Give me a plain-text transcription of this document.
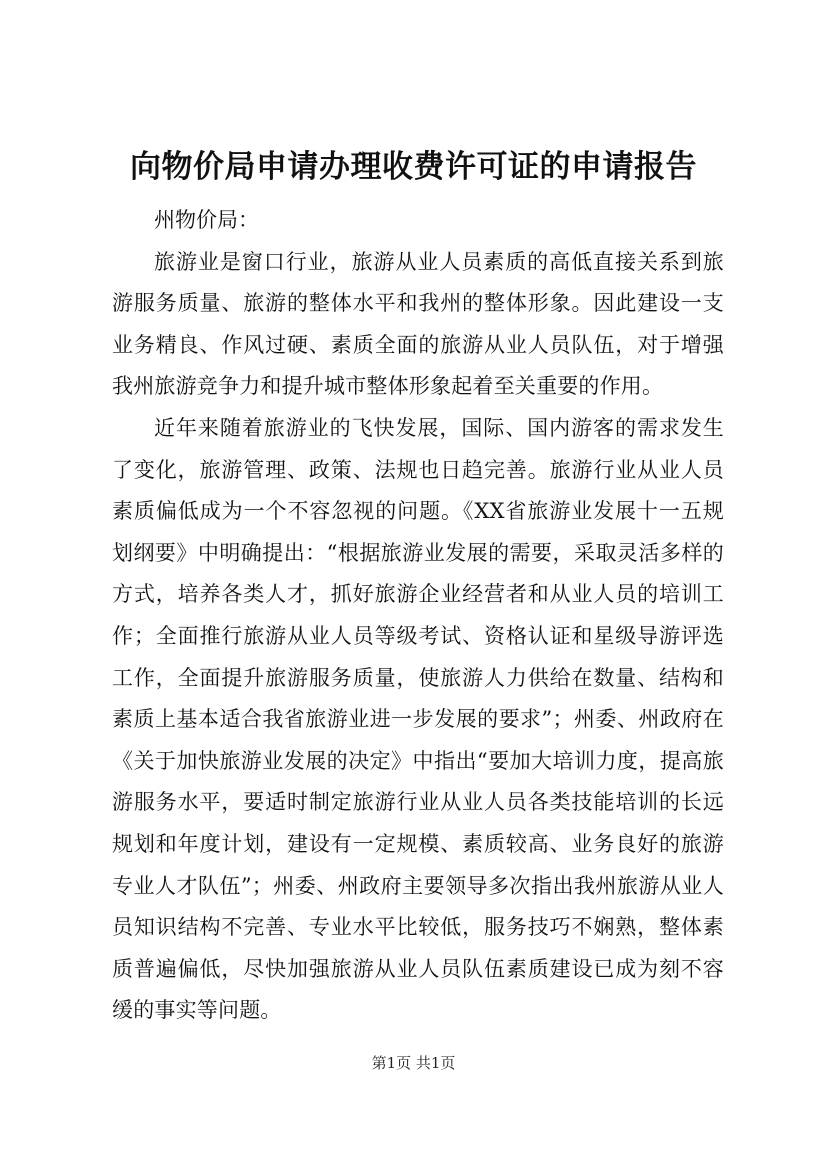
向物价局申请办理收费许可证的申请报告

州物价局：

旅游业是窗口行业，旅游从业人员素质的高低直接关系到旅游服务质量、旅游的整体水平和我州的整体形象。因此建设一支业务精良、作风过硬、素质全面的旅游从业人员队伍，对于增强我州旅游竞争力和提升城市整体形象起着至关重要的作用。

近年来随着旅游业的飞快发展，国际、国内游客的需求发生了变化，旅游管理、政策、法规也日趋完善。旅游行业从业人员素质偏低成为一个不容忽视的问题。《XX省旅游业发展十一五规划纲要》中明确提出：“根据旅游业发展的需要，采取灵活多样的方式，培养各类人才，抓好旅游企业经营者和从业人员的培训工作；全面推行旅游从业人员等级考试、资格认证和星级导游评选工作，全面提升旅游服务质量，使旅游人力供给在数量、结构和素质上基本适合我省旅游业进一步发展的要求”；州委、州政府在《关于加快旅游业发展的决定》中指出“要加大培训力度，提高旅游服务水平，要适时制定旅游行业从业人员各类技能培训的长远规划和年度计划，建设有一定规模、素质较高、业务良好的旅游专业人才队伍”；州委、州政府主要领导多次指出我州旅游从业人员知识结构不完善、专业水平比较低，服务技巧不娴熟，整体素质普遍偏低，尽快加强旅游从业人员队伍素质建设已成为刻不容缓的事实等问题。

第1页 共1页
